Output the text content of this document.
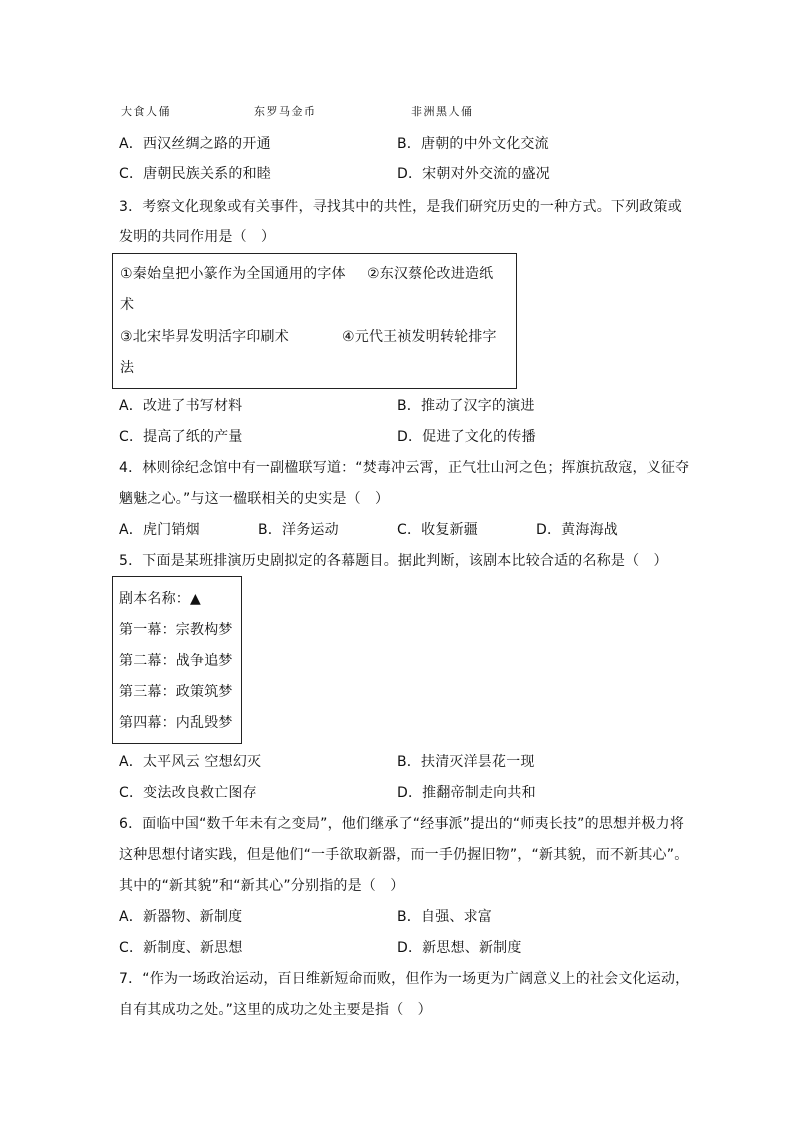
大食人俑	东罗马金币	非洲黑人俑
A．西汉丝绸之路的开通	B．唐朝的中外文化交流
C．唐朝民族关系的和睦	D．宋朝对外交流的盛况
3．考察文化现象或有关事件，寻找其中的共性，是我们研究历史的一种方式。下列政策或
发明的共同作用是（　）
①秦始皇把小篆作为全国通用的字体 ②东汉蔡伦改进造纸
术
③北宋毕昇发明活字印刷术	④元代王祯发明转轮排字
法
A．改进了书写材料	B．推动了汉字的演进
C．提高了纸的产量	D．促进了文化的传播
4．林则徐纪念馆中有一副楹联写道：“焚毒冲云霄，正气壮山河之色；挥旗抗敌寇，义征夺
魑魅之心。”与这一楹联相关的史实是（　）
A．虎门销烟	B．洋务运动	C．收复新疆	D．黄海海战
5．下面是某班排演历史剧拟定的各幕题目。据此判断，该剧本比较合适的名称是（　）
剧本名称：▲
第一幕：宗教构梦
第二幕：战争追梦
第三幕：政策筑梦
第四幕：内乱毁梦
A．太平风云 空想幻灭	B．扶清灭洋昙花一现
C．变法改良救亡图存	D．推翻帝制走向共和
6．面临中国“数千年未有之变局”，他们继承了“经事派”提出的“师夷长技”的思想并极力将
这种思想付诸实践，但是他们“一手欲取新器，而一手仍握旧物”，“新其貌，而不新其心”。
其中的“新其貌”和“新其心”分别指的是（　）
A．新器物、新制度	B．自强、求富
C．新制度、新思想	D．新思想、新制度
7．“作为一场政治运动，百日维新短命而败，但作为一场更为广阔意义上的社会文化运动，
自有其成功之处。”这里的成功之处主要是指（　）
